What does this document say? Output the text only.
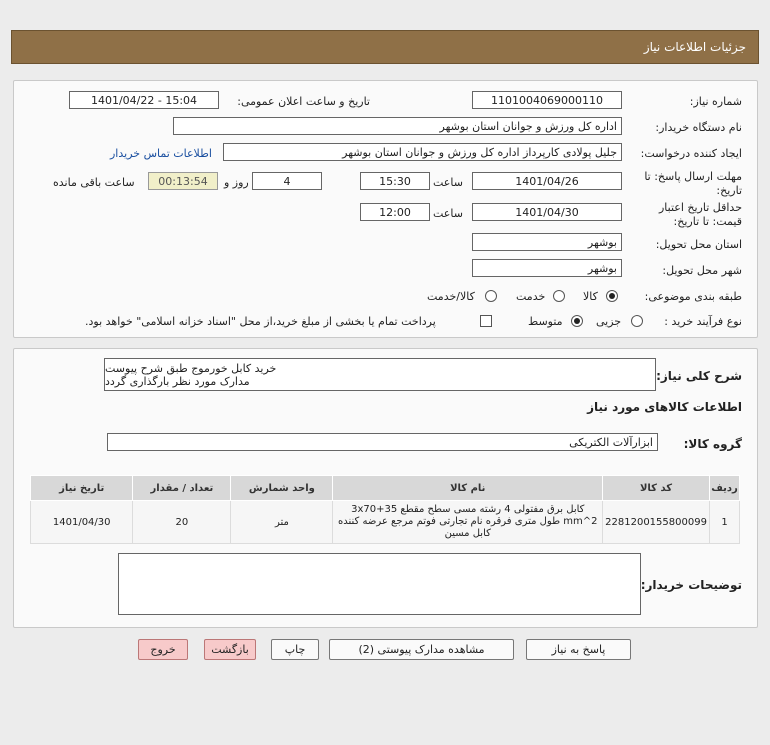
جزئیات اطلاعات نیاز
شماره نیاز:
1101004069000110
تاریخ و ساعت اعلان عمومی:
1401/04/22 - 15:04
نام دستگاه خریدار:
اداره کل ورزش و جوانان استان بوشهر
ایجاد کننده درخواست:
جلیل پولادی کارپرداز اداره کل ورزش و جوانان استان بوشهر
اطلاعات تماس خریدار
مهلت ارسال پاسخ: تا
تاریخ:
1401/04/26
ساعت
15:30
4
روز و
00:13:54
ساعت باقی مانده
حداقل تاریخ اعتبار
قیمت: تا تاریخ:
1401/04/30
ساعت
12:00
استان محل تحویل:
بوشهر
شهر محل تحویل:
بوشهر
طبقه بندی موضوعی:
کالا
خدمت
کالا/خدمت
نوع فرآیند خرید :
جزیی
متوسط
پرداخت تمام یا بخشی از مبلغ خرید،از محل "اسناد خزانه اسلامی" خواهد بود.
شرح کلی نیاز:
خرید کابل خورموج طبق شرح پیوست
مدارک مورد نظر بارگذاری گردد
اطلاعات کالاهای مورد نیاز
گروه کالا:
ابزارآلات الکتریکی
ردیف	کد کالا	نام کالا	واحد شمارش	تعداد / مقدار	تاریخ نیاز
1	2281200155800099	کابل برق مفتولی 4 رشته مسی سطح مقطع 35+3x70
mm^2 طول متری فرقره نام تجارتی فوتم مرجع عرضه کننده
کابل مسین	متر	20	1401/04/30
توضیحات خریدار:
پاسخ به نیاز
مشاهده مدارک پیوستی (2)
چاپ
بازگشت
خروج
